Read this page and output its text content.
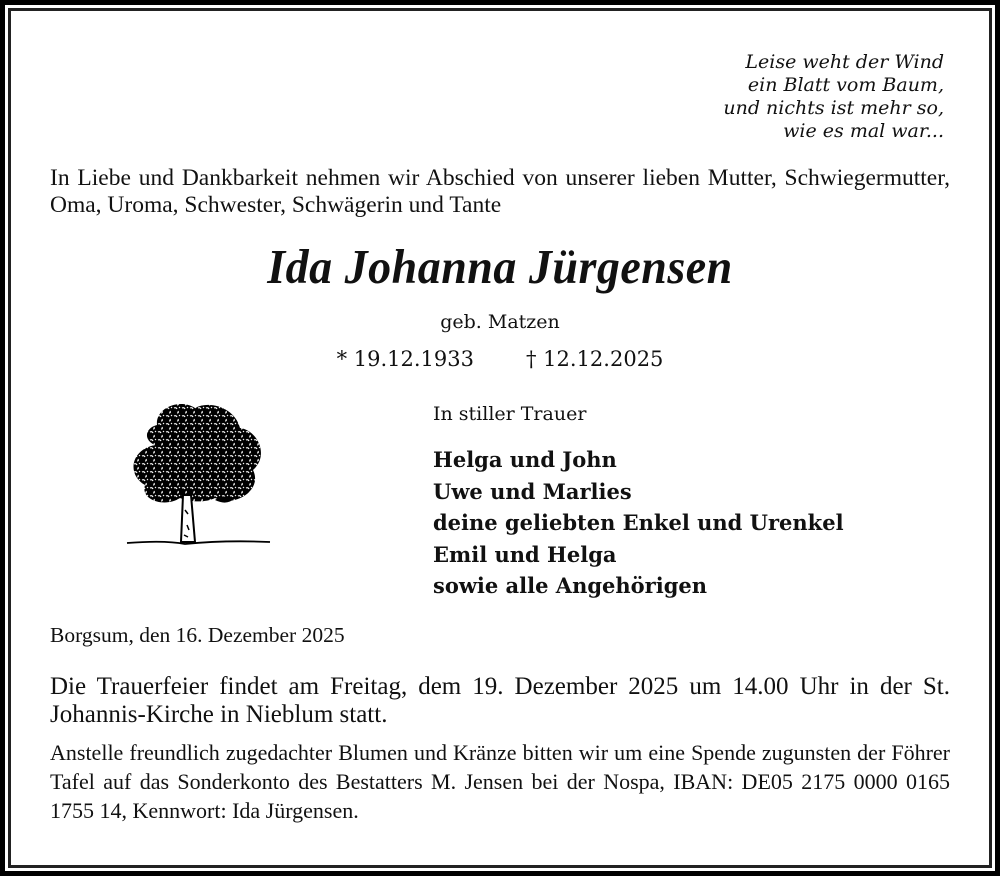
Leise weht der Wind
ein Blatt vom Baum,
und nichts ist mehr so,
wie es mal war...
In Liebe und Dankbarkeit nehmen wir Abschied von unserer lieben Mutter, Schwiegermutter, Oma, Uroma, Schwester, Schwägerin und Tante
Ida Johanna Jürgensen
geb. Matzen
* 19.12.1933 † 12.12.2025
In stiller Trauer
Helga und John
Uwe und Marlies
deine geliebten Enkel und Urenkel
Emil und Helga
sowie alle Angehörigen
Borgsum, den 16. Dezember 2025
Die Trauerfeier findet am Freitag, dem 19. Dezember 2025 um 14.00 Uhr in der St. Johannis-Kirche in Nieblum statt.
Anstelle freundlich zugedachter Blumen und Kränze bitten wir um eine Spende zugunsten der Föhrer Tafel auf das Sonderkonto des Bestatters M. Jensen bei der Nospa, IBAN: DE05 2175 0000 0165 1755 14, Kennwort: Ida Jürgensen.
